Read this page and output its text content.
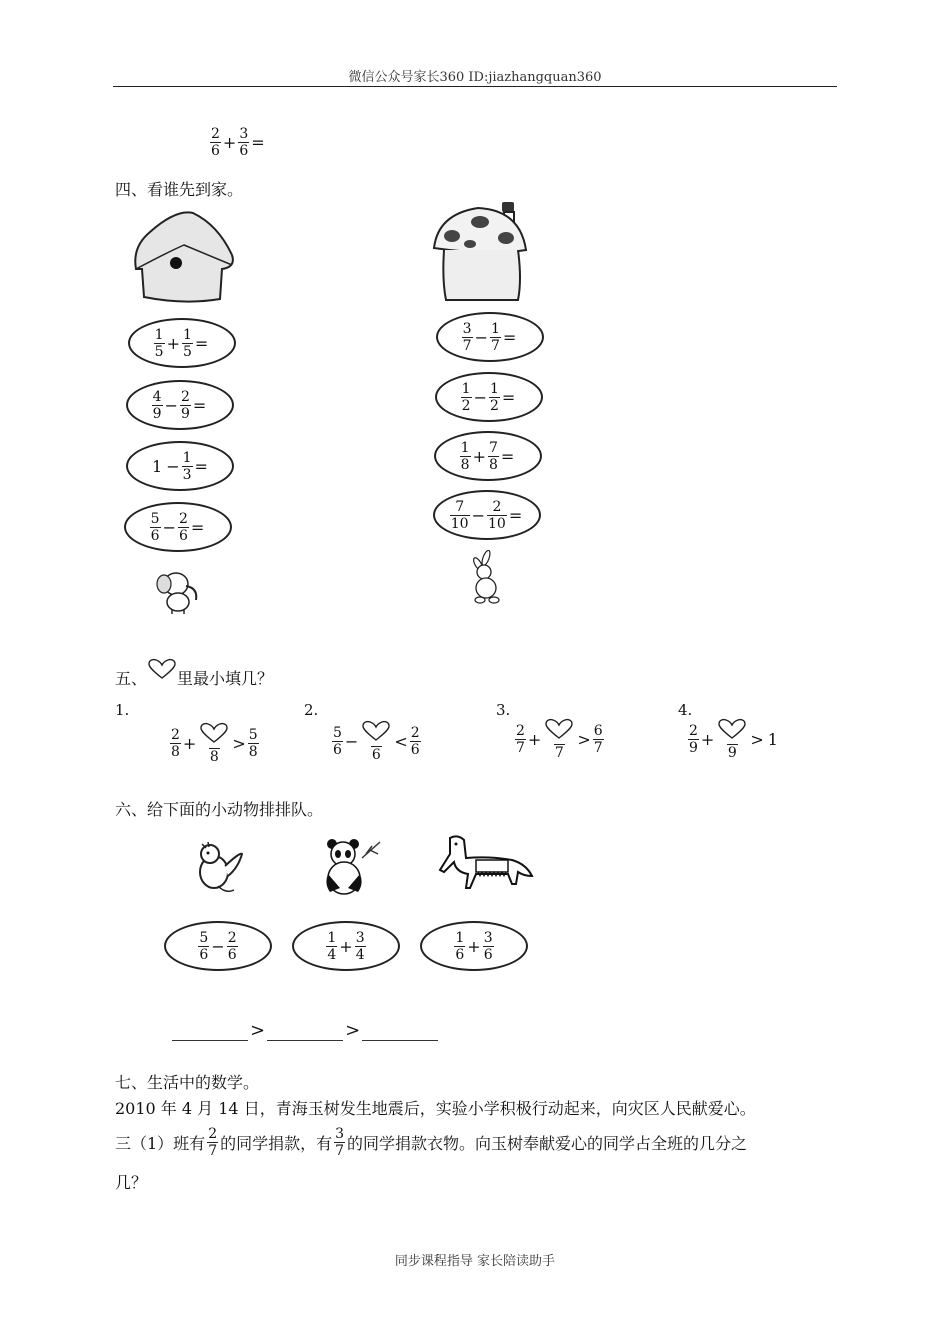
微信公众号家长360 ID:jiazhangquan360
$\frac{2}{6} + \frac{3}{6}$ =
四、看谁先到家。
$\frac{1}{5} + \frac{1}{5}$ =
$\frac{4}{9} - \frac{2}{9}$ =
$1 - \frac{1}{3}$ =
$\frac{5}{6} - \frac{2}{6}$ =
$\frac{3}{7} - \frac{1}{7}$ =
$\frac{1}{2} - \frac{1}{2}$ =
$\frac{1}{8} + \frac{7}{8}$ =
$\frac{7}{10} - \frac{2}{10}$ =
五、 里最小填几？
1.	2.	3.	4.
$\frac{2}{8}$ +
8
> $\frac{5}{8}$	$\frac{5}{6}$ −
6
< $\frac{2}{6}$	$\frac{2}{7}$ +
7
> $\frac{6}{7}$	$\frac{2}{9}$ +
9
> 1
六、给下面的小动物排排队。
$\frac{5}{6} - \frac{2}{6}$	$\frac{1}{4} + \frac{3}{4}$	$\frac{1}{6} + \frac{3}{6}$
>	>
七、生活中的数学。
2010 年 4 月 14 日，青海玉树发生地震后，实验小学积极行动起来，向灾区人民献爱心。
三（1）班有 $\frac{2}{7}$ 的同学捐款，有 $\frac{3}{7}$ 的同学捐款衣物。向玉树奉献爱心的同学占全班的几分之
几？
同步课程指导 家长陪读助手
